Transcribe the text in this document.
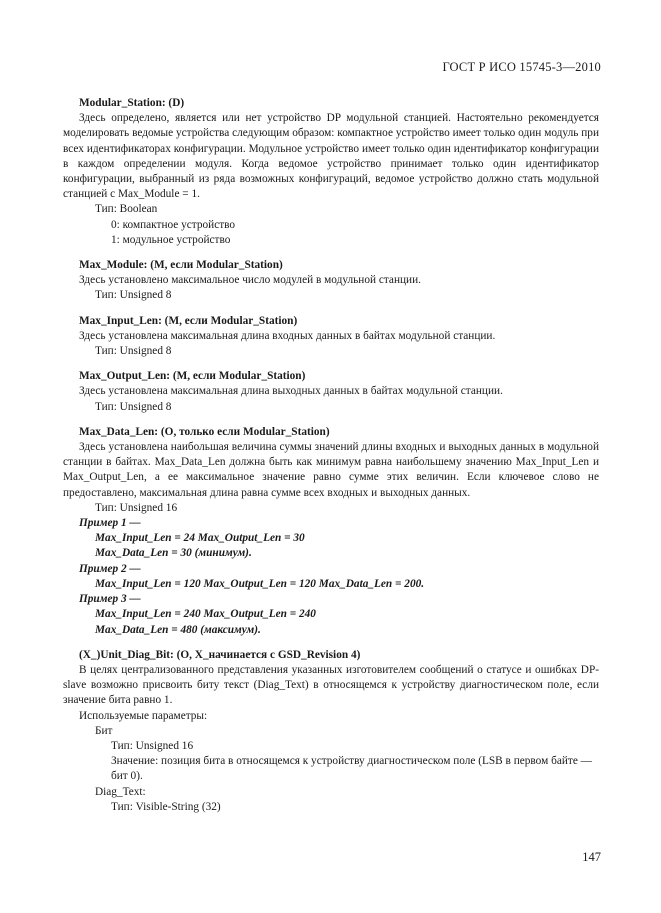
ГОСТ Р ИСО 15745-3—2010
Modular_Station: (D)
Здесь определено, является или нет устройство DP модульной станцией. Настоятельно рекомендуется моделировать ведомые устройства следующим образом: компактное устройство имеет только один модуль при всех идентификаторах конфигурации. Модульное устройство имеет только один идентификатор конфигурации в каждом определении модуля. Когда ведомое устройство принимает только один идентификатор конфигурации, выбранный из ряда возможных конфигураций, ведомое устройство должно стать модульной станцией с Max_Module = 1.
Тип: Boolean
0: компактное устройство
1: модульное устройство
Max_Module: (M, если Modular_Station)
Здесь установлено максимальное число модулей в модульной станции.
Тип: Unsigned 8
Max_Input_Len: (M, если Modular_Station)
Здесь установлена максимальная длина входных данных в байтах модульной станции.
Тип: Unsigned 8
Max_Output_Len: (M, если Modular_Station)
Здесь установлена максимальная длина выходных данных в байтах модульной станции.
Тип: Unsigned 8
Max_Data_Len: (O, только если Modular_Station)
Здесь установлена наибольшая величина суммы значений длины входных и выходных данных в модульной станции в байтах. Max_Data_Len должна быть как минимум равна наибольшему значению Max_Input_Len и Max_Output_Len, а ее максимальное значение равно сумме этих величин. Если ключевое слово не предоставлено, максимальная длина равна сумме всех входных и выходных данных.
Тип: Unsigned 16
Пример 1 —
Max_Input_Len = 24 Max_Output_Len = 30
Max_Data_Len = 30 (минимум).
Пример 2 —
Max_Input_Len = 120 Max_Output_Len = 120 Max_Data_Len = 200.
Пример 3 —
Max_Input_Len = 240 Max_Output_Len = 240
Max_Data_Len = 480 (максимум).
(X_)Unit_Diag_Bit: (O, X_начинается с GSD_Revision 4)
В целях централизованного представления указанных изготовителем сообщений о статусе и ошибках DP-slave возможно присвоить биту текст (Diag_Text) в относящемся к устройству диагностическом поле, если значение бита равно 1.
Используемые параметры:
Бит
Тип: Unsigned 16
Значение: позиция бита в относящемся к устройству диагностическом поле (LSB в первом байте — бит 0).
Diag_Text:
Тип: Visible-String (32)
147
